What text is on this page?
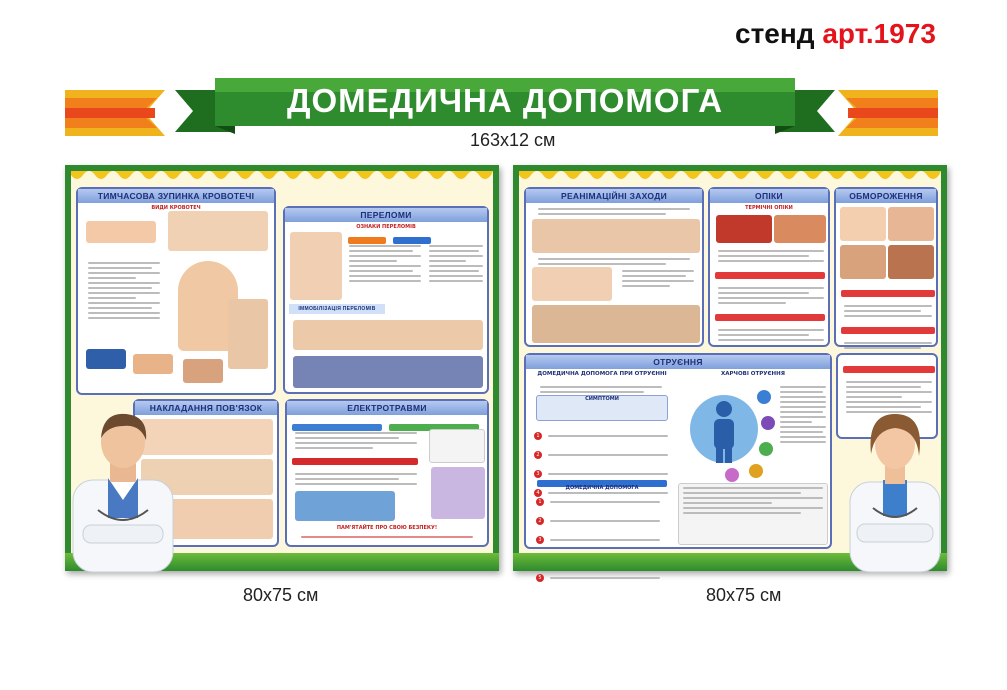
стенд арт.1973
ДОМЕДИЧНА ДОПОМОГА
163x12 см
ТИМЧАСОВА ЗУПИНКА КРОВОТЕЧІ
ВИДИ КРОВОТЕЧ
ПЕРЕЛОМИ
ОЗНАКИ ПЕРЕЛОМІВ

ІММОБІЛІЗАЦІЯ ПЕРЕЛОМІВ
НАКЛАДАННЯ ПОВ'ЯЗОК	ЕЛЕКТРОТРАВМИ

ПАМ'ЯТАЙТЕ ПРО СВОЮ БЕЗПЕКУ!
РЕАНІМАЦІЙНІ ЗАХОДИ	ОПІКИ
ТЕРМІЧНІ ОПІКИ
ОБМОРОЖЕННЯ
ОТРУЄННЯ
ДОМЕДИЧНА ДОПОМОГА ПРИ ОТРУЄННІ
СИМПТОМИ
1
2
3
4
ДОМЕДИЧНА ДОПОМОГА
1
2
3
5
ХАРЧОВІ ОТРУЄННЯ
80x75 см	80x75 см
